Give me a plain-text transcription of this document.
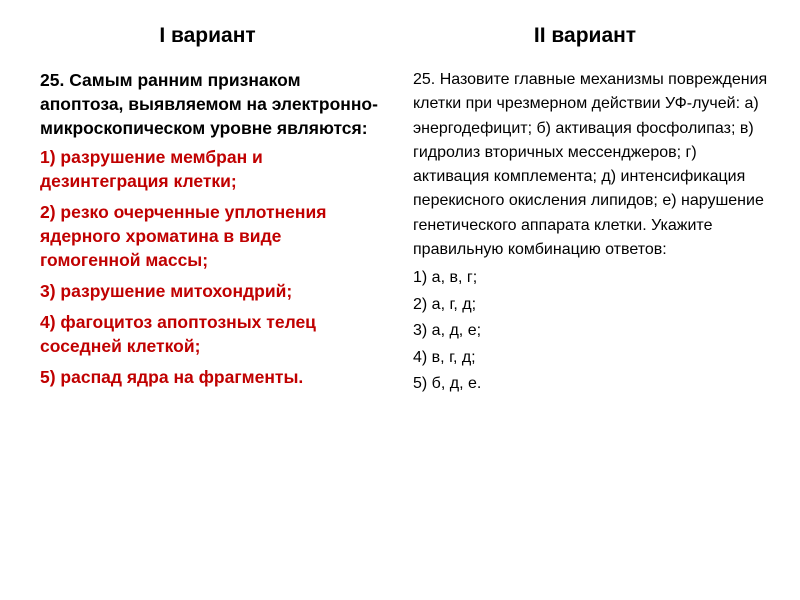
I вариант	II вариант

25. Самым ранним признаком апоптоза, выявляемом на электронно-микроскопическом уровне являются:

1) разрушение мембран и дезинтеграция клетки;
2) резко очерченные уплотнения ядерного хроматина в виде гомогенной массы;
3) разрушение митохондрий;
4) фагоцитоз апоптозных телец соседней клеткой;
5) распад ядра на фрагменты.

25. Назовите главные механизмы повреждения клетки при чрезмерном действии УФ-лучей: а) энергодефицит; б) активация фосфолипаз; в) гидролиз вторичных мессенджеров; г) активация комплемента; д) интенсификация перекисного окисления липидов; е) нарушение генетического аппарата клетки. Укажите правильную комбинацию ответов:

1) а, в, г;
2) а, г, д;
3) а, д, е;
4) в, г, д;
5) б, д, е.
